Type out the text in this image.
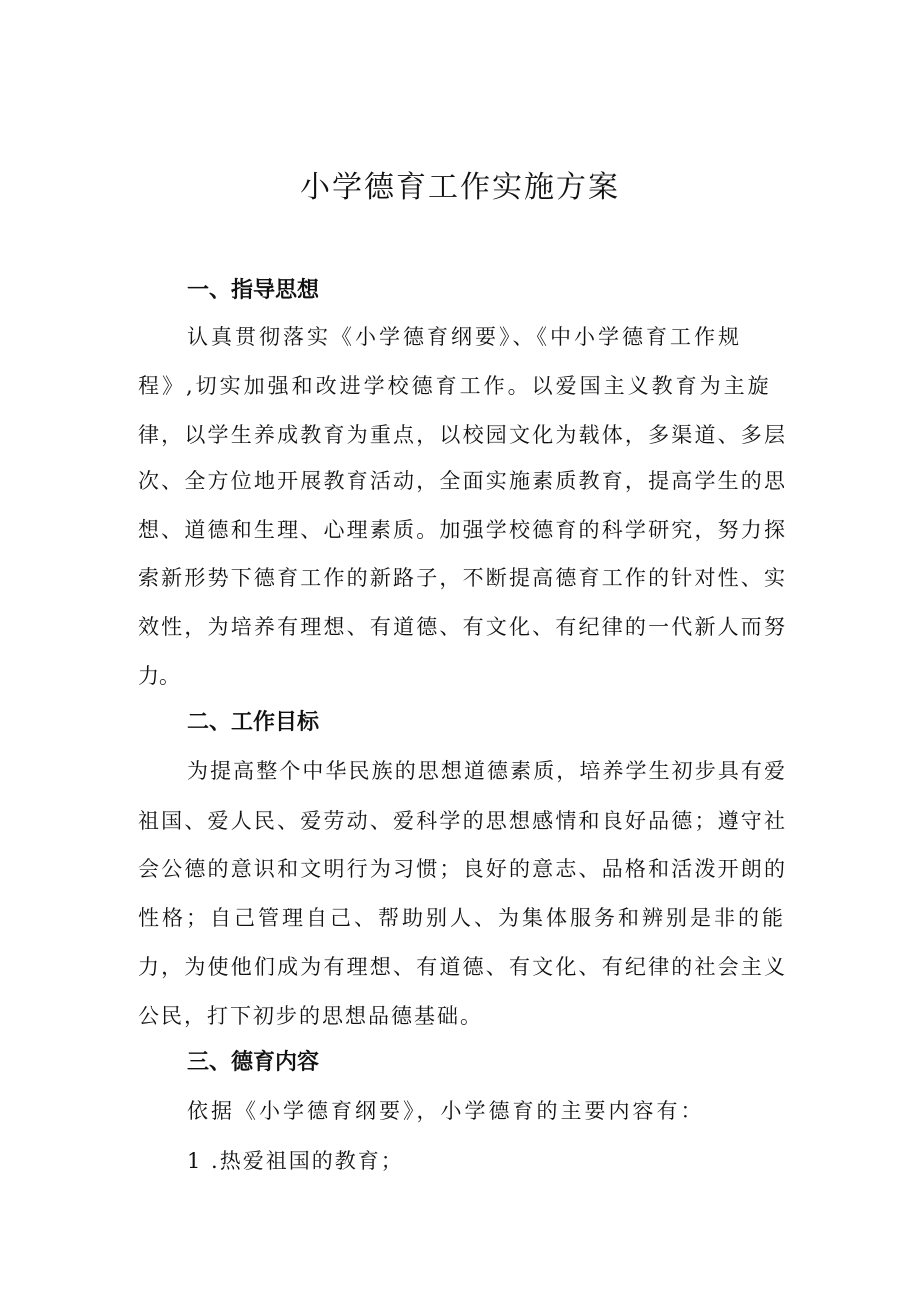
小学德育工作实施方案
一、指导思想
认真贯彻落实《小学德育纲要》、《中小学德育工作规
程》,切实加强和改进学校德育工作。以爱国主义教育为主旋
律，以学生养成教育为重点，以校园文化为载体，多渠道、多层
次、全方位地开展教育活动，全面实施素质教育，提高学生的思
想、道德和生理、心理素质。加强学校德育的科学研究，努力探
索新形势下德育工作的新路子，不断提高德育工作的针对性、实
效性，为培养有理想、有道德、有文化、有纪律的一代新人而努
力。
二、工作目标
为提高整个中华民族的思想道德素质，培养学生初步具有爱
祖国、爱人民、爱劳动、爱科学的思想感情和良好品德；遵守社
会公德的意识和文明行为习惯；良好的意志、品格和活泼开朗的
性格；自己管理自己、帮助别人、为集体服务和辨别是非的能
力，为使他们成为有理想、有道德、有文化、有纪律的社会主义
公民，打下初步的思想品德基础。
三、德育内容
依据《小学德育纲要》，小学德育的主要内容有：
1 .热爱祖国的教育；
